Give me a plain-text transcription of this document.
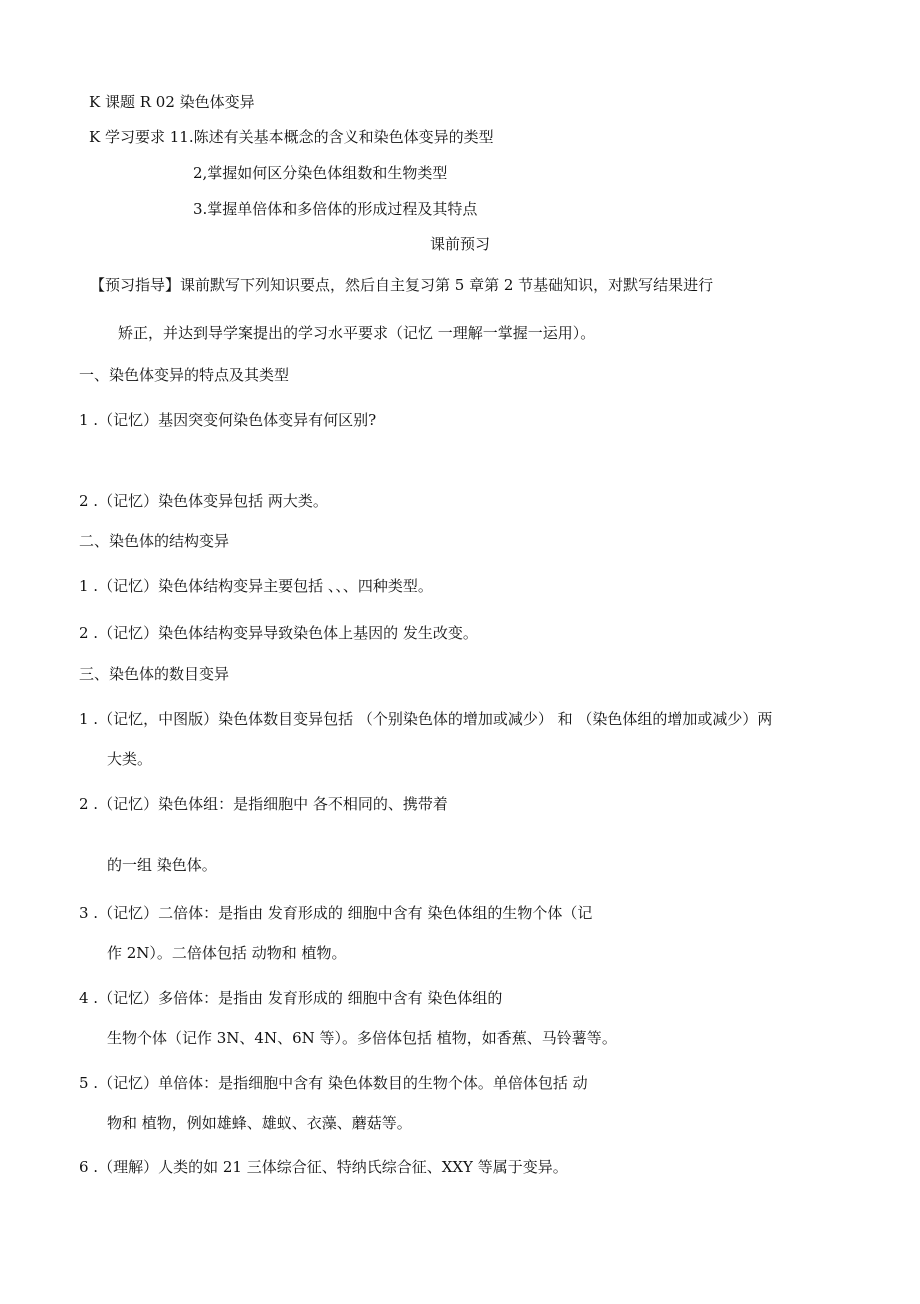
K 课题 R 02 染色体变异
K 学习要求 11.陈述有关基本概念的含义和染色体变异的类型
2,掌握如何区分染色体组数和生物类型
3.掌握单倍体和多倍体的形成过程及其特点
课前预习
【预习指导】课前默写下列知识要点，然后自主复习第 5 章第 2 节基础知识，对默写结果进行
矫正，并达到导学案提出的学习水平要求（记忆 一理解一掌握一运用）。
一、染色体变异的特点及其类型
1 .（记忆）基因突变何染色体变异有何区别?
2 .（记忆）染色体变异包括 两大类。
二、染色体的结构变异
1 .（记忆）染色体结构变异主要包括 、、、四种类型。
2 .（记忆）染色体结构变异导致染色体上基因的 发生改变。
三、染色体的数目变异
1 .（记忆，中图版）染色体数目变异包括 （个别染色体的增加或减少） 和 （染色体组的增加或减少）两
大类。
2 .（记忆）染色体组：是指细胞中 各不相同的、携带着
的一组 染色体。
3 .（记忆）二倍体：是指由 发育形成的 细胞中含有 染色体组的生物个体（记
作 2N）。二倍体包括 动物和 植物。
4 .（记忆）多倍体：是指由 发育形成的 细胞中含有 染色体组的
生物个体（记作 3N、4N、6N 等）。多倍体包括 植物，如香蕉、马铃薯等。
5 .（记忆）单倍体：是指细胞中含有 染色体数目的生物个体。单倍体包括 动
物和 植物，例如雄蜂、雄蚁、衣藻、蘑菇等。
6 .（理解）人类的如 21 三体综合征、特纳氏综合征、XXY 等属于变异。
